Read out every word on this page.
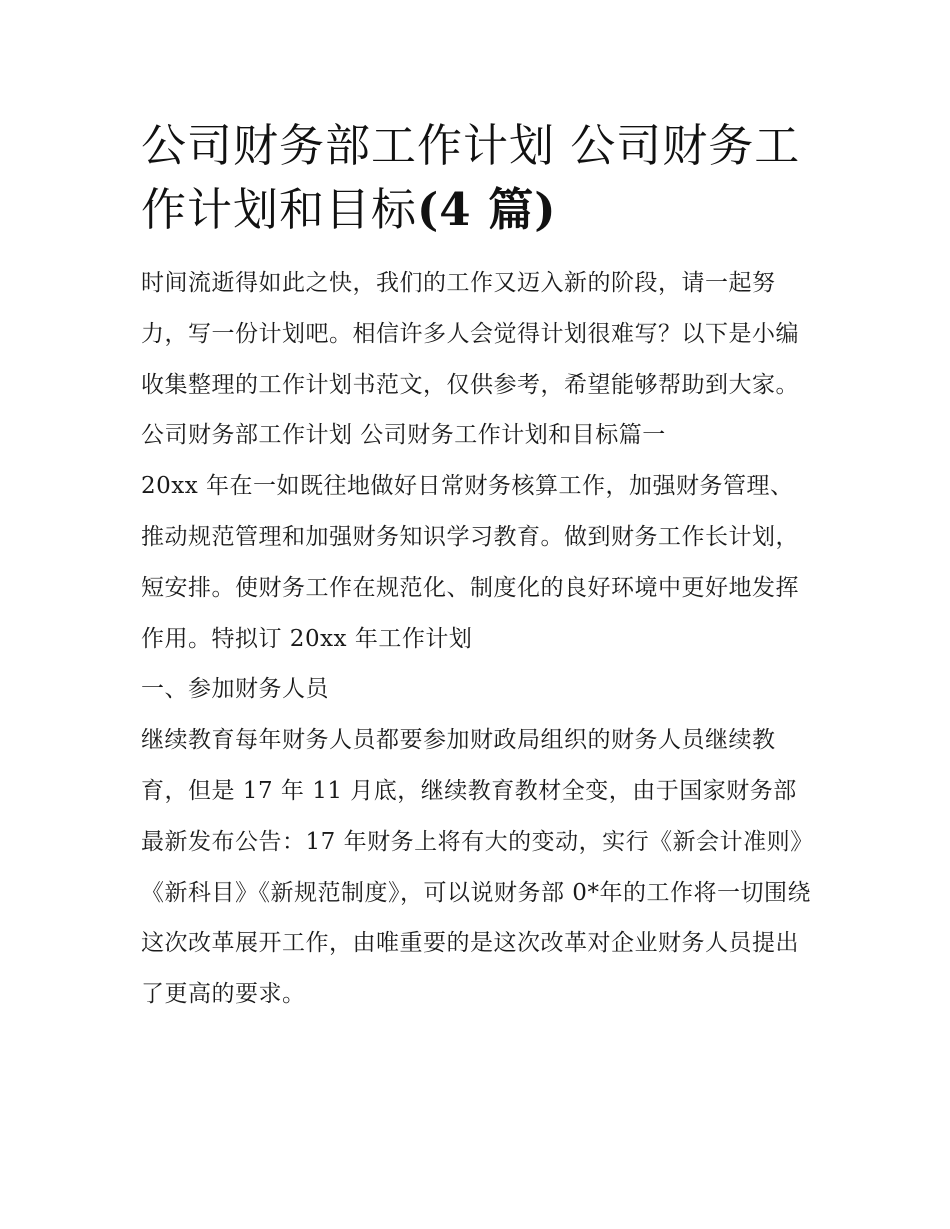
公司财务部工作计划 公司财务工作计划和目标(4 篇)

时间流逝得如此之快，我们的工作又迈入新的阶段，请一起努力，写一份计划吧。相信许多人会觉得计划很难写？以下是小编收集整理的工作计划书范文，仅供参考，希望能够帮助到大家。

公司财务部工作计划 公司财务工作计划和目标篇一

20xx 年在一如既往地做好日常财务核算工作，加强财务管理、推动规范管理和加强财务知识学习教育。做到财务工作长计划，短安排。使财务工作在规范化、制度化的良好环境中更好地发挥作用。特拟订 20xx 年工作计划

一、参加财务人员

继续教育每年财务人员都要参加财政局组织的财务人员继续教育，但是 17 年 11 月底，继续教育教材全变，由于国家财务部最新发布公告：17 年财务上将有大的变动，实行《新会计准则》《新科目》《新规范制度》，可以说财务部 0*年的工作将一切围绕这次改革展开工作，由唯重要的是这次改革对企业财务人员提出了更高的要求。
